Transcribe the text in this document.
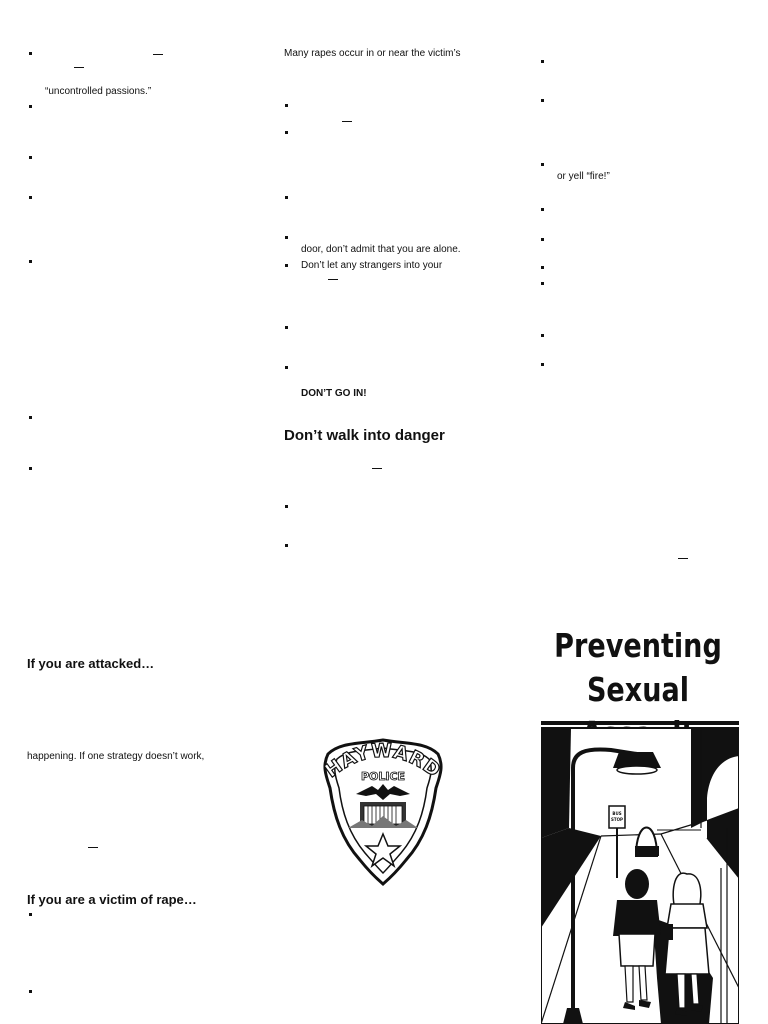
“uncontrolled passions.”
If you are attacked…
happening. If one strategy doesn’t work,
If you are a victim of rape…
Many rapes occur in or near the victim’s
door, don’t admit that you are alone.
Don’t let any strangers into your
DON’T GO IN!
Don’t walk into danger
HAYWARD
POLICE
or yell “fire!”
Preventing
Sexual
BUS
STOP
